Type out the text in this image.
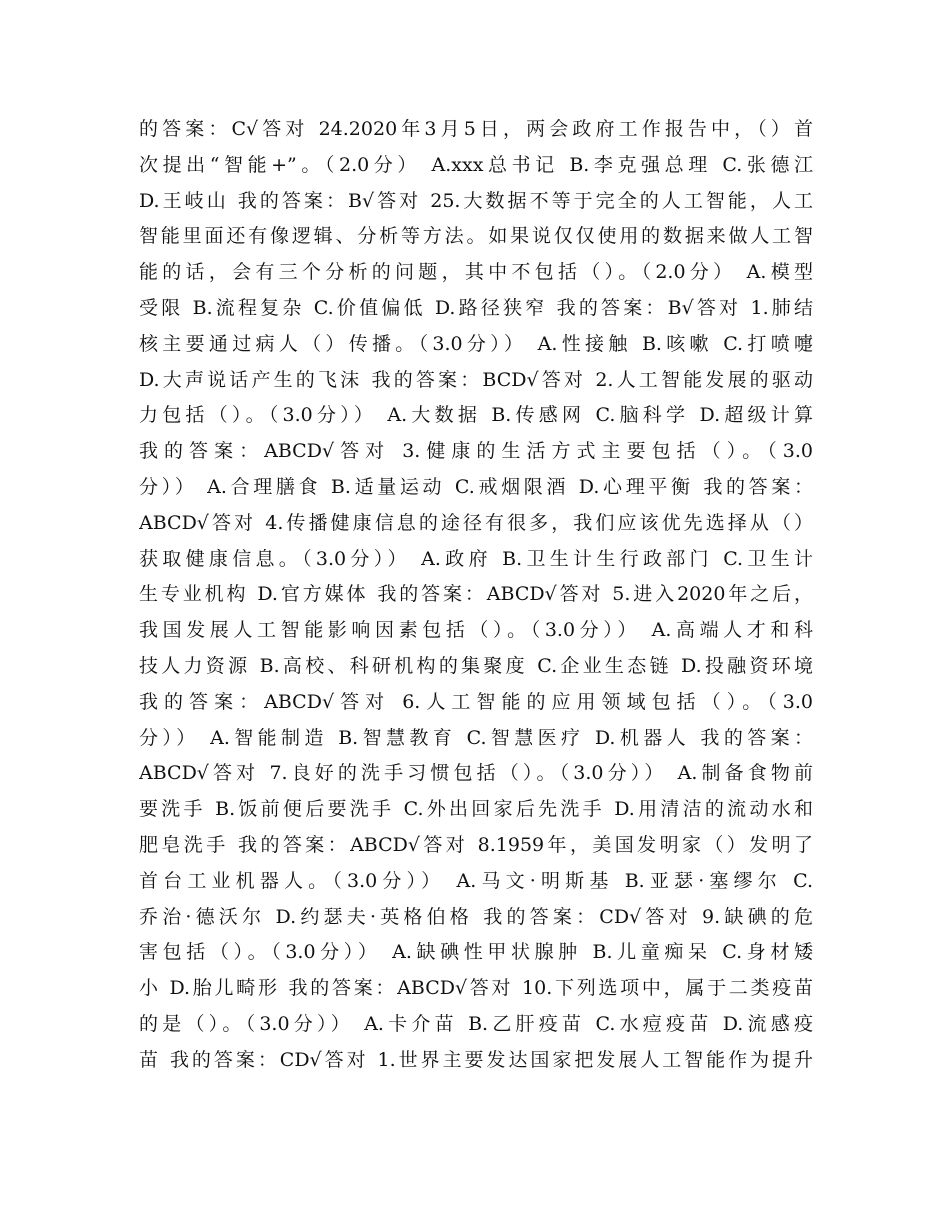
的答案：C√答对 24.2020年3月5日，两会政府工作报告中，（）首
次提出“智能+”。（2.0分） A.xxx总书记 B.李克强总理 C.张德江
D.王岐山 我的答案：B√答对 25.大数据不等于完全的人工智能，人工
智能里面还有像逻辑、分析等方法。如果说仅仅使用的数据来做人工智
能的话，会有三个分析的问题，其中不包括（）。（2.0分） A.模型
受限 B.流程复杂 C.价值偏低 D.路径狭窄 我的答案：B√答对 1.肺结
核主要通过病人（）传播。（3.0分）） A.性接触 B.咳嗽 C.打喷嚏
D.大声说话产生的飞沫 我的答案：BCD√答对 2.人工智能发展的驱动
力包括（）。（3.0分）） A.大数据 B.传感网 C.脑科学 D.超级计算
我的答案：ABCD√答对 3.健康的生活方式主要包括（）。（3.0
分）） A.合理膳食 B.适量运动 C.戒烟限酒 D.心理平衡 我的答案：
ABCD√答对 4.传播健康信息的途径有很多，我们应该优先选择从（）
获取健康信息。（3.0分）） A.政府 B.卫生计生行政部门 C.卫生计
生专业机构 D.官方媒体 我的答案：ABCD√答对 5.进入2020年之后，
我国发展人工智能影响因素包括（）。（3.0分）） A.高端人才和科
技人力资源 B.高校、科研机构的集聚度 C.企业生态链 D.投融资环境
我的答案：ABCD√答对 6.人工智能的应用领域包括（）。（3.0
分）） A.智能制造 B.智慧教育 C.智慧医疗 D.机器人 我的答案：
ABCD√答对 7.良好的洗手习惯包括（）。（3.0分）） A.制备食物前
要洗手 B.饭前便后要洗手 C.外出回家后先洗手 D.用清洁的流动水和
肥皂洗手 我的答案：ABCD√答对 8.1959年，美国发明家（）发明了
首台工业机器人。（3.0分）） A.马文·明斯基 B.亚瑟·塞缪尔 C.
乔治·德沃尔 D.约瑟夫·英格伯格 我的答案：CD√答对 9.缺碘的危
害包括（）。（3.0分）） A.缺碘性甲状腺肿 B.儿童痴呆 C.身材矮
小 D.胎儿畸形 我的答案：ABCD√答对 10.下列选项中，属于二类疫苗
的是（）。（3.0分）） A.卡介苗 B.乙肝疫苗 C.水痘疫苗 D.流感疫
苗 我的答案：CD√答对 1.世界主要发达国家把发展人工智能作为提升
